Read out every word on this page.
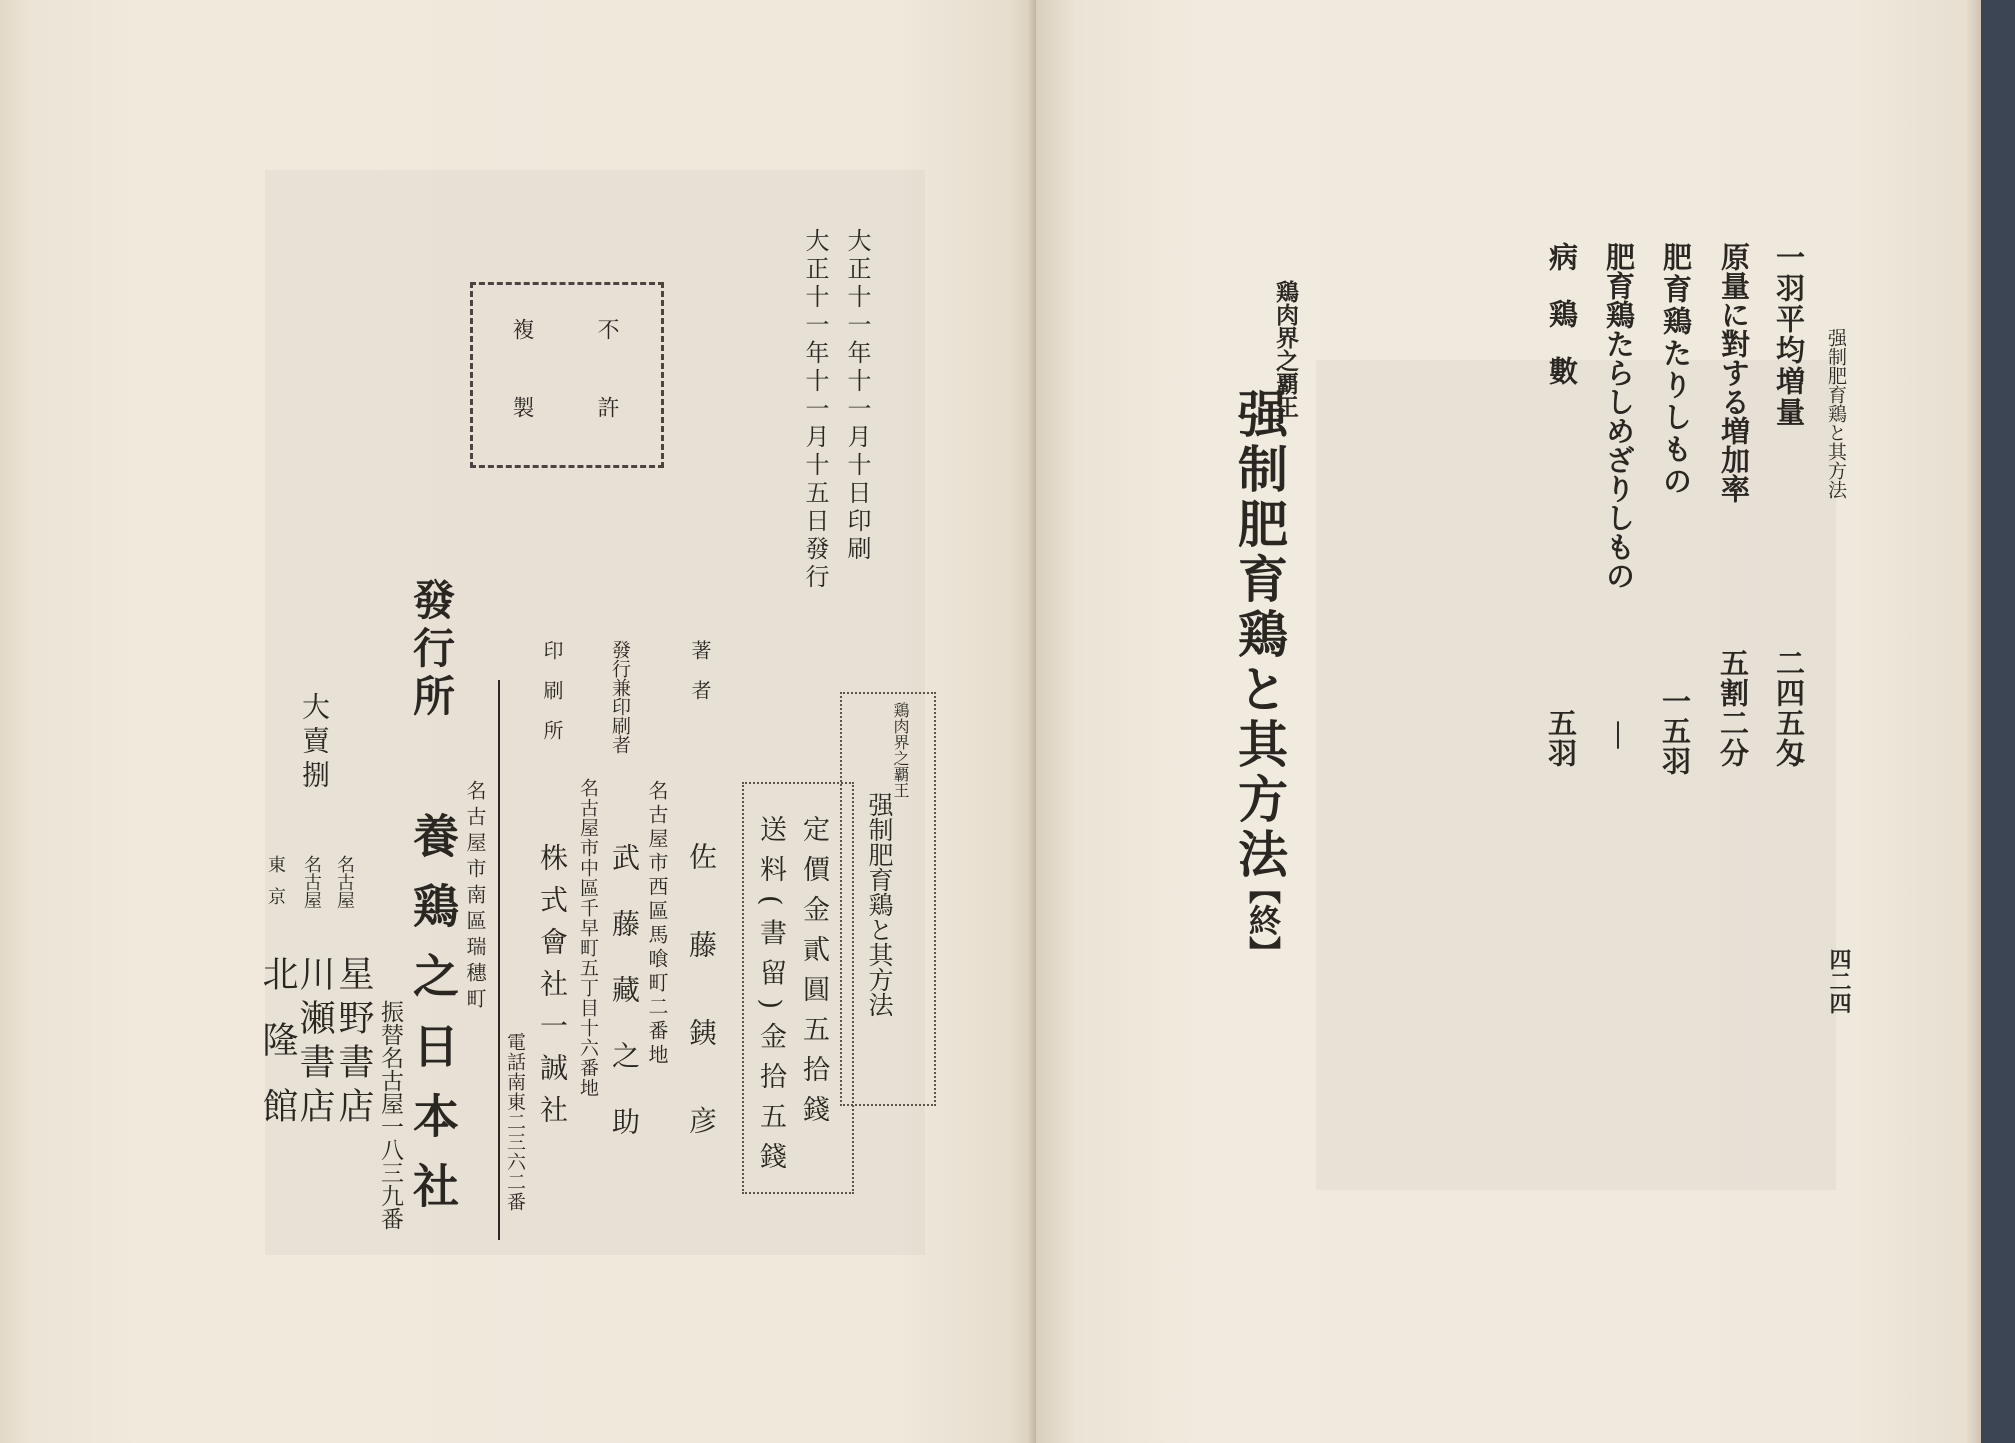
不許
複製	大正十一年十一月十日印刷
大正十一年十一月十五日發行
鶏肉界之覇王
强制肥育鶏と其方法
定價金貳圓五拾錢
送料(書留)金拾五錢
著者
佐藤銕彦
發行兼印刷者
名古屋市西區馬喰町二番地
武藤藏之助
印刷所
名古屋市中區千早町五丁目十六番地
株式會社一誠社
電話南東二三六二番
名古屋市南區瑞穗町
發行所
養鶏之日本社
振替名古屋一八三九番
大賣捌
名古屋
星野書店
名古屋
川瀬書店
東京
北隆館
强制肥育鶏と其方法
四二四
一羽平均増量
二四五匁
原量に對する増加率
五割二分
肥育鶏たりしもの
一五羽
肥育鶏たらしめざりしもの
—
病鶏數
五羽
鶏肉界之覇王
强制肥育鶏と其方法
【終】
